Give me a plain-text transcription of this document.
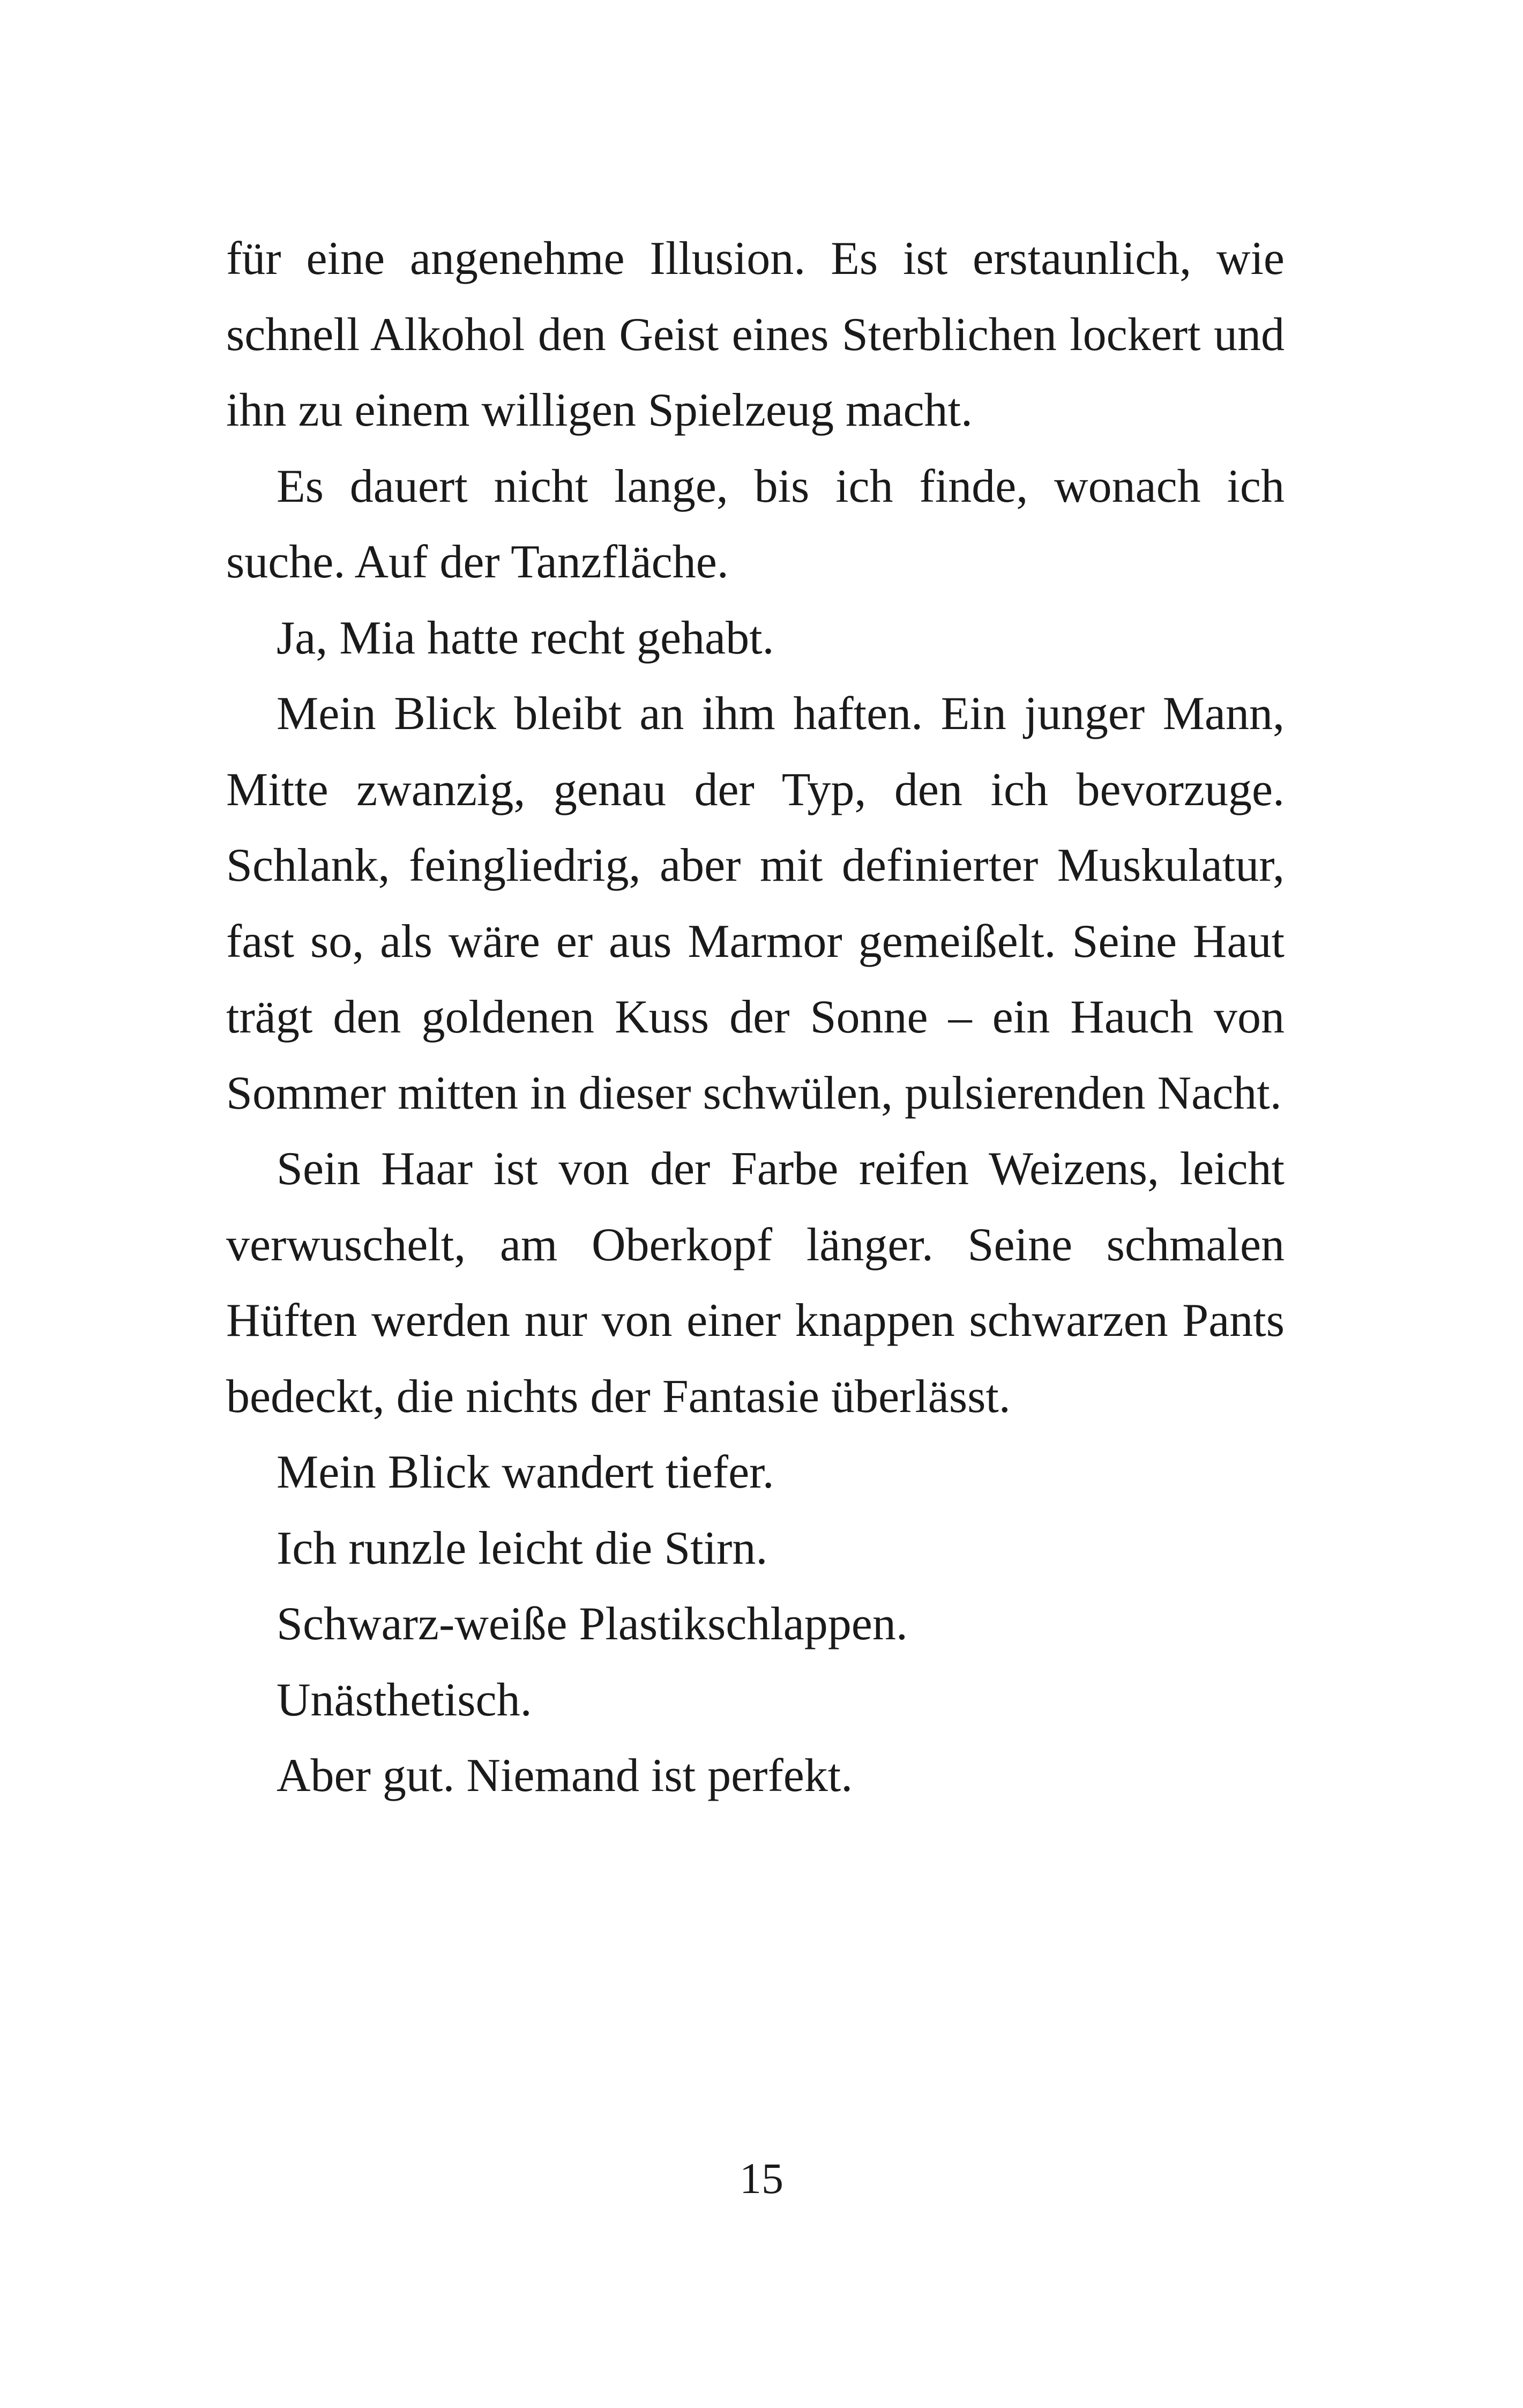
für eine angenehme Illusion. Es ist erstaunlich, wie schnell Alkohol den Geist eines Sterblichen lockert und ihn zu einem willigen Spielzeug macht.

Es dauert nicht lange, bis ich finde, wonach ich suche. Auf der Tanzfläche.

Ja, Mia hatte recht gehabt.

Mein Blick bleibt an ihm haften. Ein junger Mann, Mitte zwanzig, genau der Typ, den ich bevorzuge. Schlank, feingliedrig, aber mit definierter Muskulatur, fast so, als wäre er aus Marmor gemeißelt. Seine Haut trägt den goldenen Kuss der Sonne – ein Hauch von Sommer mitten in dieser schwülen, pulsierenden Nacht.

Sein Haar ist von der Farbe reifen Weizens, leicht verwuschelt, am Oberkopf länger. Seine schmalen Hüften werden nur von einer knappen schwarzen Pants bedeckt, die nichts der Fantasie überlässt.

Mein Blick wandert tiefer.

Ich runzle leicht die Stirn.

Schwarz-weiße Plastikschlappen.

Unästhetisch.

Aber gut. Niemand ist perfekt.

15
